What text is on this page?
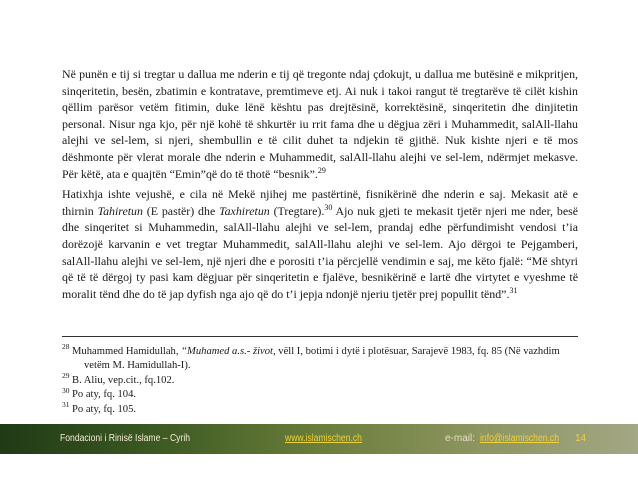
Në punën e tij si tregtar u dallua me nderin e tij që tregonte ndaj çdokujt, u dallua me butësinë e mikpritjen, sinqeritetin, besën, zbatimin e kontratave, premtimeve etj. Ai nuk i takoi rangut të tregtarëve të cilët kishin qëllim parësor vetëm fitimin, duke lënë kështu pas drejtësinë, korrektësinë, sinqeritetin dhe dinjitetin personal. Nisur nga kjo, për një kohë të shkurtër iu rrit fama dhe u dëgjua zëri i Muhammedit, salAll-llahu alejhi ve sel-lem, si njeri, shembullin e të cilit duhet ta ndjekin të gjithë. Nuk kishte njeri e të mos dëshmonte për vlerat morale dhe nderin e Muhammedit, salAll-llahu alejhi ve sel-lem, ndërmjet mekasve. Për këtë, ata e quajtën “Emin”që do të thotë “besnik”.$^{29}$

Hatixhja ishte vejushë, e cila në Mekë njihej me pastërtinë, fisnikërinë dhe nderin e saj. Mekasit atë e thirnin Tahiretun (E pastër) dhe Taxhiretun (Tregtare).$^{30}$ Ajo nuk gjeti te mekasit tjetër njeri me nder, besë dhe sinqeritet si Muhammedin, salAll-llahu alejhi ve sel-lem, prandaj edhe përfundimisht vendosi t’ia dorëzojë karvanin e vet tregtar Muhammedit, salAll-llahu alejhi ve sel-lem. Ajo dërgoi te Pejgamberi, salAll-llahu alejhi ve sel-lem, një njeri dhe e porositi t’ia përcjellë vendimin e saj, me këto fjalë: “Më shtyri që të të dërgoj ty pasi kam dëgjuar për sinqeritetin e fjalëve, besnikërinë e lartë dhe virtytet e vyeshme të moralit tënd dhe do të jap dyfish nga ajo që do t’i jepja ndonjë njeriu tjetër prej popullit tënd”.$^{31}$

28 Muhammed Hamidullah, “Muhamed a.s.- život, vëll I, botimi i dytë i plotësuar, Sarajevë 1983, fq. 85 (Në vazhdim vetëm M. Hamidullah-I).

29 B. Aliu, vep.cit., fq.102.

30 Po aty, fq. 104.

31 Po aty, fq. 105.

Fondacioni i Rinisë Islame – Cyrih	www.islamischen.ch	e-mail: info@islamischen.ch 14
